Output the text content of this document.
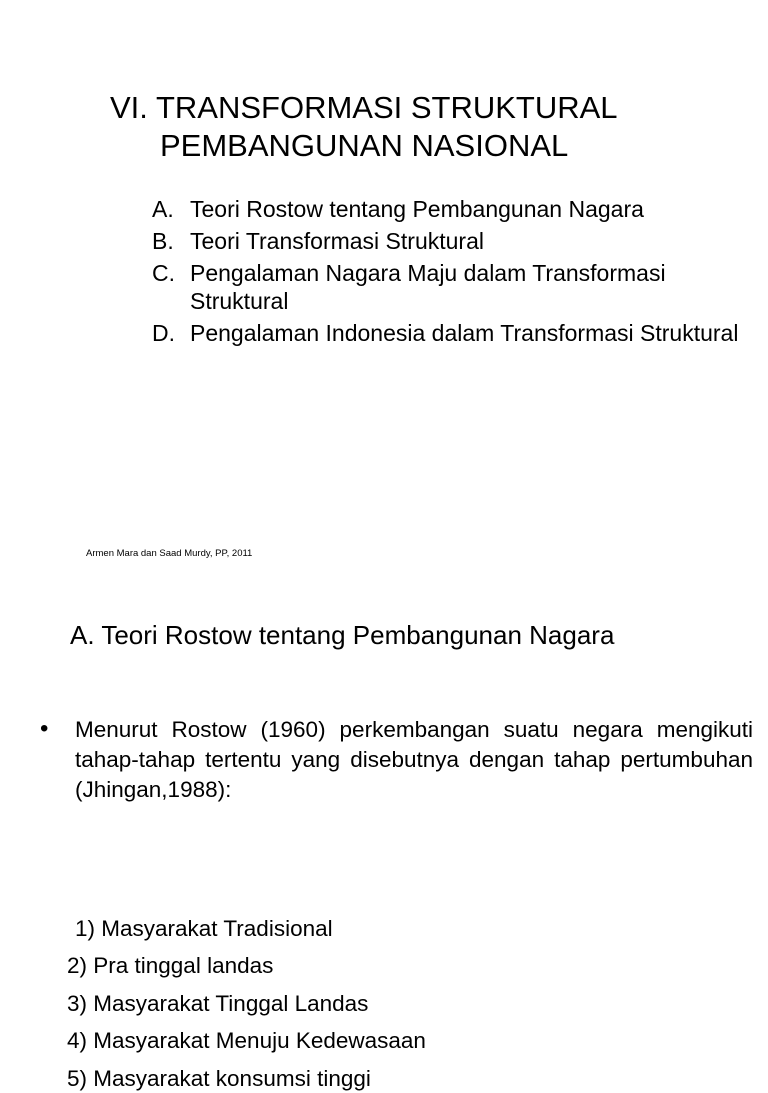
VI. TRANSFORMASI STRUKTURAL
PEMBANGUNAN NASIONAL
A. Teori Rostow tentang Pembangunan Nagara
B. Teori Transformasi Struktural
C. Pengalaman Nagara Maju dalam Transformasi Struktural
D. Pengalaman Indonesia dalam Transformasi Struktural
Armen Mara dan Saad Murdy, PP, 2011
A. Teori Rostow tentang Pembangunan Nagara
• Menurut Rostow (1960) perkembangan suatu negara mengikuti tahap-tahap tertentu yang disebutnya dengan tahap pertumbuhan (Jhingan,1988):
1) Masyarakat Tradisional
2) Pra tinggal landas
3) Masyarakat Tinggal Landas
4) Masyarakat Menuju Kedewasaan
5) Masyarakat konsumsi tinggi
